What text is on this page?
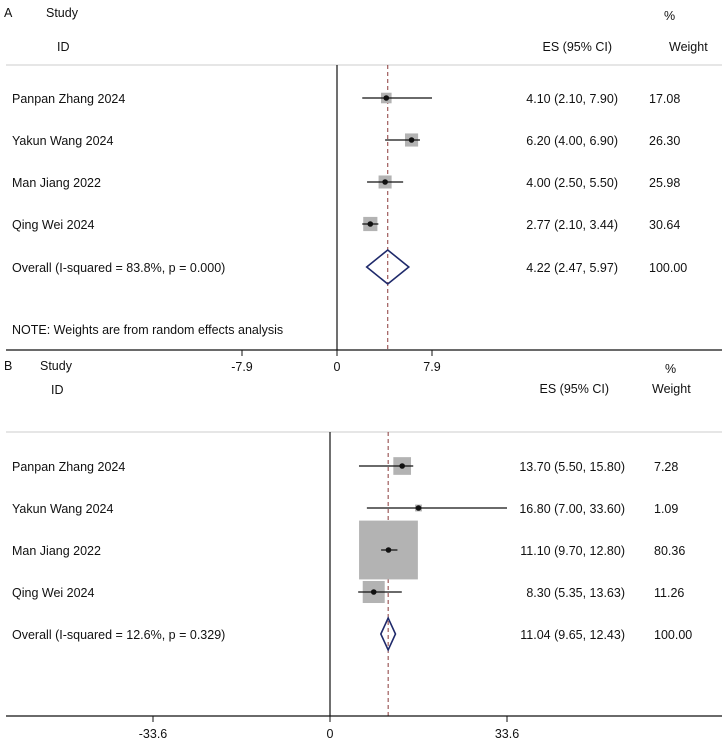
A	Study
ID	ES (95% CI)
%
Weight
Panpan Zhang 2024	4.10 (2.10, 7.90) 17.08
Yakun Wang 2024	6.20 (4.00, 6.90) 26.30
Man Jiang 2022	4.00 (2.50, 5.50) 25.98
Qing Wei 2024	2.77 (2.10, 3.44) 30.64
Overall (I-squared = 83.8%, p = 0.000)	4.22 (2.47, 5.97) 100.00
NOTE: Weights are from random effects analysis
-7.9	0	7.9
B Study
ID	ES (95% CI)
%
Weight
Panpan Zhang 2024	13.70 (5.50, 15.80) 7.28
Yakun Wang 2024	16.80 (7.00, 33.60) 1.09
Man Jiang 2022	11.10 (9.70, 12.80) 80.36
Qing Wei 2024	8.30 (5.35, 13.63) 11.26
Overall (I-squared = 12.6%, p = 0.329)	11.04 (9.65, 12.43) 100.00
-33.6	0	33.6
